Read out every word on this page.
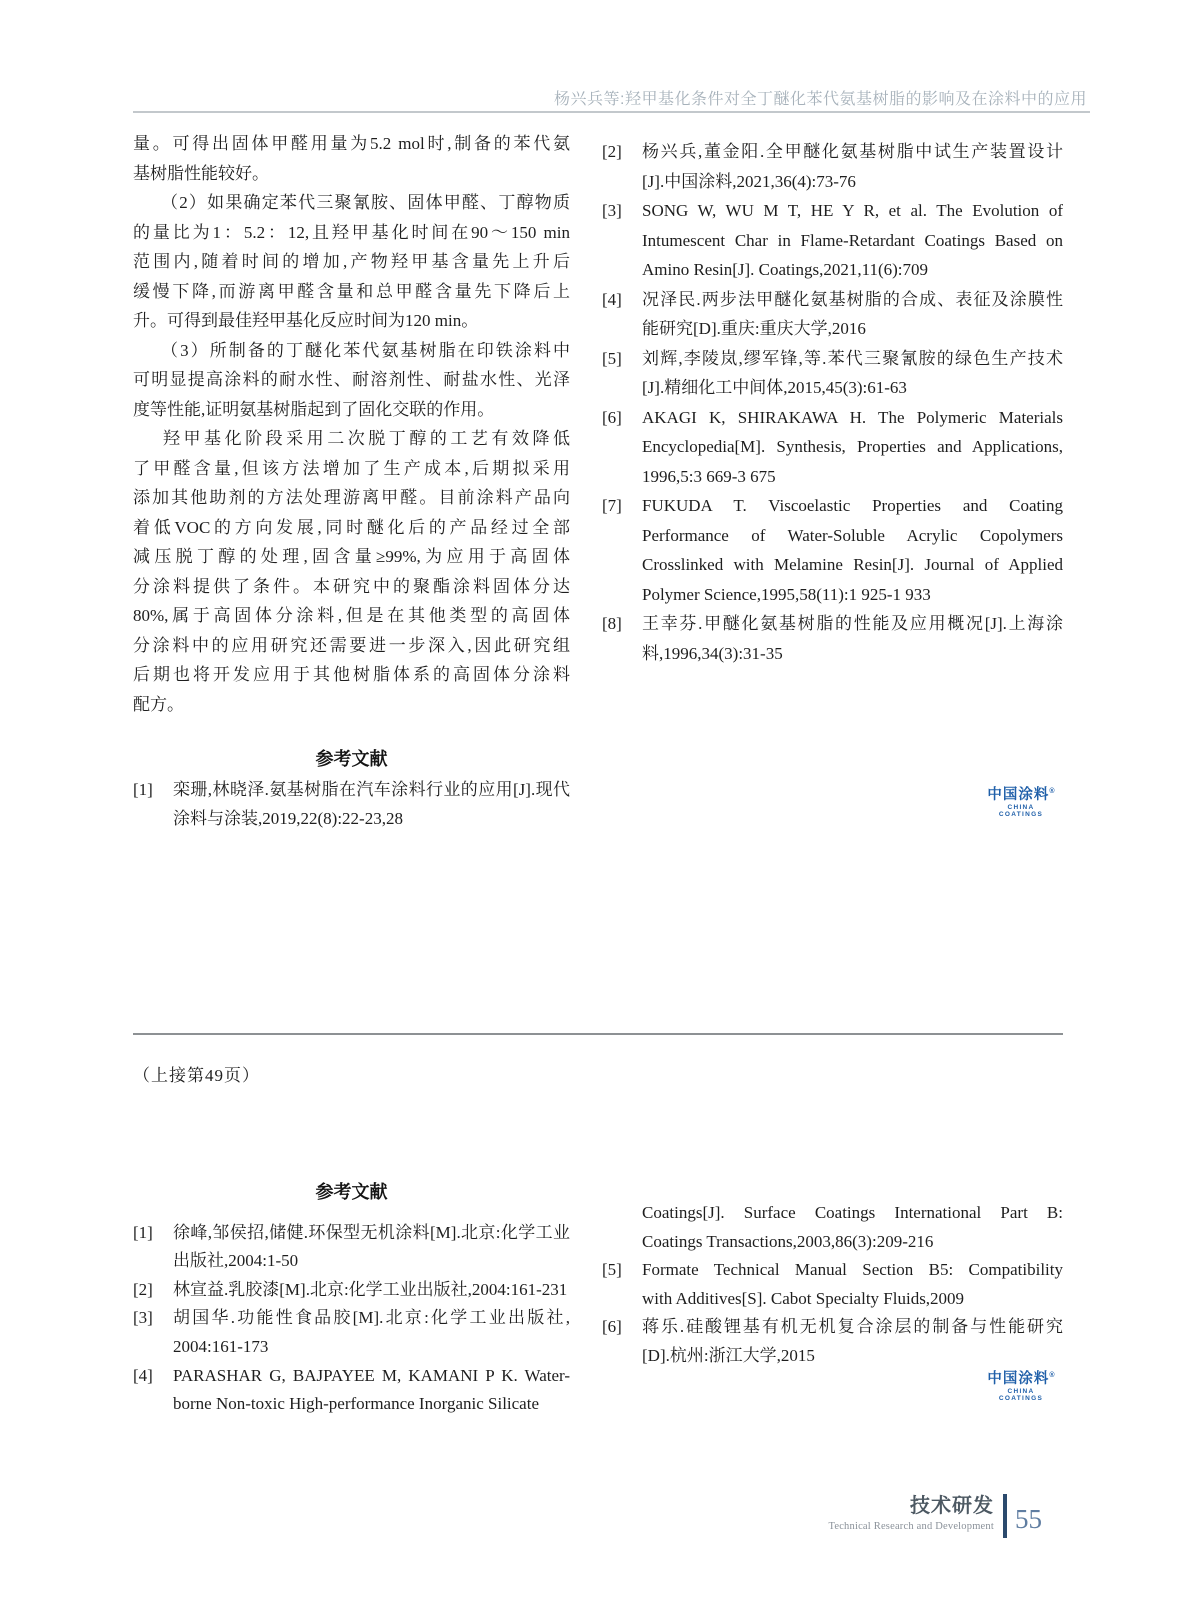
杨兴兵等:羟甲基化条件对全丁醚化苯代氨基树脂的影响及在涂料中的应用
量。可得出固体甲醛用量为5.2 mol时,制备的苯代氨
基树脂性能较好。
（2）如果确定苯代三聚氰胺、固体甲醛、丁醇物质
的量比为1：5.2：12,且羟甲基化时间在90～150 min
范围内,随着时间的增加,产物羟甲基含量先上升后
缓慢下降,而游离甲醛含量和总甲醛含量先下降后上
升。可得到最佳羟甲基化反应时间为120 min。
（3）所制备的丁醚化苯代氨基树脂在印铁涂料中
可明显提高涂料的耐水性、耐溶剂性、耐盐水性、光泽
度等性能,证明氨基树脂起到了固化交联的作用。
羟甲基化阶段采用二次脱丁醇的工艺有效降低
了甲醛含量,但该方法增加了生产成本,后期拟采用
添加其他助剂的方法处理游离甲醛。目前涂料产品向
着低VOC的方向发展,同时醚化后的产品经过全部
减压脱丁醇的处理,固含量≥99%,为应用于高固体
分涂料提供了条件。本研究中的聚酯涂料固体分达
80%,属于高固体分涂料,但是在其他类型的高固体
分涂料中的应用研究还需要进一步深入,因此研究组
后期也将开发应用于其他树脂体系的高固体分涂料
配方。
参考文献
[1]	栾珊,林晓泽.氨基树脂在汽车涂料行业的应用[J].现代
涂料与涂装,2019,22(8):22-23,28
[2]	杨兴兵,董金阳.全甲醚化氨基树脂中试生产装置设计
[J].中国涂料,2021,36(4):73-76
[3]	SONG W, WU M T, HE Y R, et al. The Evolution of
Intumescent Char in Flame-Retardant Coatings Based on
Amino Resin[J]. Coatings,2021,11(6):709
[4]	况泽民.两步法甲醚化氨基树脂的合成、表征及涂膜性
能研究[D].重庆:重庆大学,2016
[5]	刘辉,李陵岚,缪军锋,等.苯代三聚氰胺的绿色生产技术
[J].精细化工中间体,2015,45(3):61-63
[6]	AKAGI K, SHIRAKAWA H. The Polymeric Materials
Encyclopedia[M]. Synthesis, Properties and Applications,
1996,5:3 669-3 675
[7]	FUKUDA T. Viscoelastic Properties and Coating
Performance of Water-Soluble Acrylic Copolymers
Crosslinked with Melamine Resin[J]. Journal of Applied
Polymer Science,1995,58(11):1 925-1 933
[8]	王幸芬.甲醚化氨基树脂的性能及应用概况[J].上海涂
料,1996,34(3):31-35
中国涂料®
CHINA COATINGS
（上接第49页）
参考文献
[1]	徐峰,邹侯招,储健.环保型无机涂料[M].北京:化学工业
出版社,2004:1-50
[2]	林宣益.乳胶漆[M].北京:化学工业出版社,2004:161-231
[3]	胡国华.功能性食品胶[M].北京:化学工业出版社,
2004:161-173
[4]	PARASHAR G, BAJPAYEE M, KAMANI P K. Water-
borne Non-toxic High-performance Inorganic Silicate
Coatings[J]. Surface Coatings International Part B:
Coatings Transactions,2003,86(3):209-216
[5]	Formate Technical Manual Section B5: Compatibility
with Additives[S]. Cabot Specialty Fluids,2009
[6]	蒋乐.硅酸锂基有机无机复合涂层的制备与性能研究
[D].杭州:浙江大学,2015
中国涂料®
CHINA COATINGS
技术研发
Technical Research and Development 55
